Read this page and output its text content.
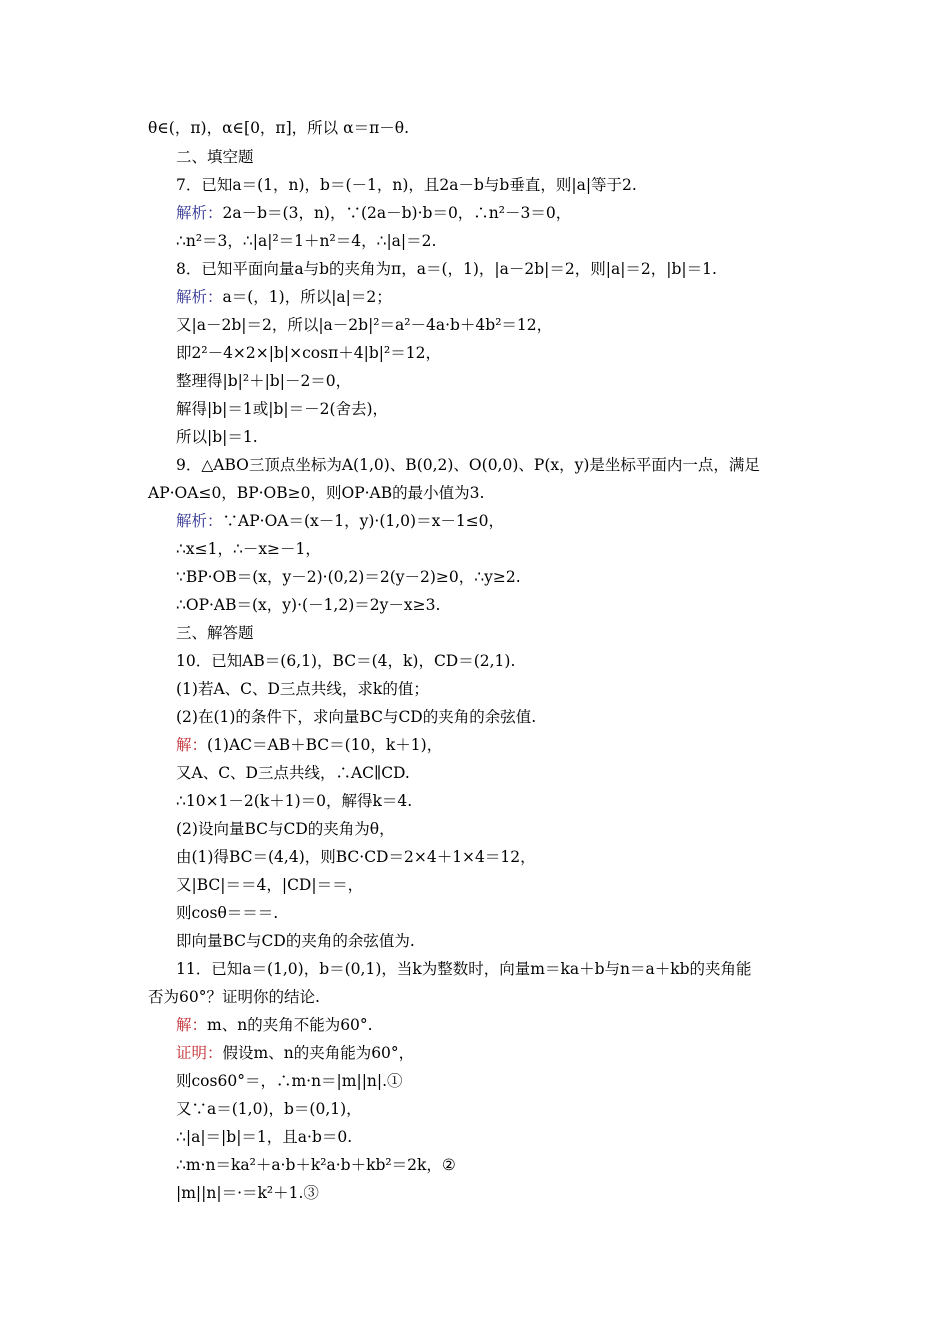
θ∈(，π)，α∈[0，π]，所以 α＝π－θ.
二、填空题
7．已知a＝(1，n)，b＝(－1，n)，且2a－b与b垂直，则|a|等于2.
解析：2a－b＝(3，n)，∵(2a－b)·b＝0，∴n²－3＝0，
∴n²＝3，∴|a|²＝1＋n²＝4，∴|a|＝2.
8．已知平面向量a与b的夹角为π，a＝(，1)，|a－2b|＝2，则|a|＝2，|b|＝1.
解析：a＝(，1)，所以|a|＝2；
又|a－2b|＝2，所以|a－2b|²＝a²－4a·b＋4b²＝12，
即2²－4×2×|b|×cosπ＋4|b|²＝12，
整理得|b|²＋|b|－2＝0，
解得|b|＝1或|b|＝－2(舍去)，
所以|b|＝1.
9．△ABO三顶点坐标为A(1,0)、B(0,2)、O(0,0)、P(x，y)是坐标平面内一点，满足
AP·OA≤0，BP·OB≥0，则OP·AB的最小值为3.
解析：∵AP·OA＝(x－1，y)·(1,0)＝x－1≤0，
∴x≤1，∴－x≥－1，
∵BP·OB＝(x，y－2)·(0,2)＝2(y－2)≥0，∴y≥2.
∴OP·AB＝(x，y)·(－1,2)＝2y－x≥3.
三、解答题
10．已知AB＝(6,1)，BC＝(4，k)，CD＝(2,1).
(1)若A、C、D三点共线，求k的值；
(2)在(1)的条件下，求向量BC与CD的夹角的余弦值.
解：(1)AC＝AB＋BC＝(10，k＋1)，
又A、C、D三点共线，∴AC∥CD.
∴10×1－2(k＋1)＝0，解得k＝4.
(2)设向量BC与CD的夹角为θ，
由(1)得BC＝(4,4)，则BC·CD＝2×4＋1×4＝12，
又|BC|＝＝4，|CD|＝＝，
则cosθ＝＝＝.
即向量BC与CD的夹角的余弦值为.
11．已知a＝(1,0)，b＝(0,1)，当k为整数时，向量m＝ka＋b与n＝a＋kb的夹角能
否为60°？证明你的结论.
解：m、n的夹角不能为60°.
证明：假设m、n的夹角能为60°，
则cos60°＝，∴m·n＝|m||n|.①
又∵a＝(1,0)，b＝(0,1)，
∴|a|＝|b|＝1，且a·b＝0.
∴m·n＝ka²＋a·b＋k²a·b＋kb²＝2k，②
|m||n|＝·＝k²＋1.③
